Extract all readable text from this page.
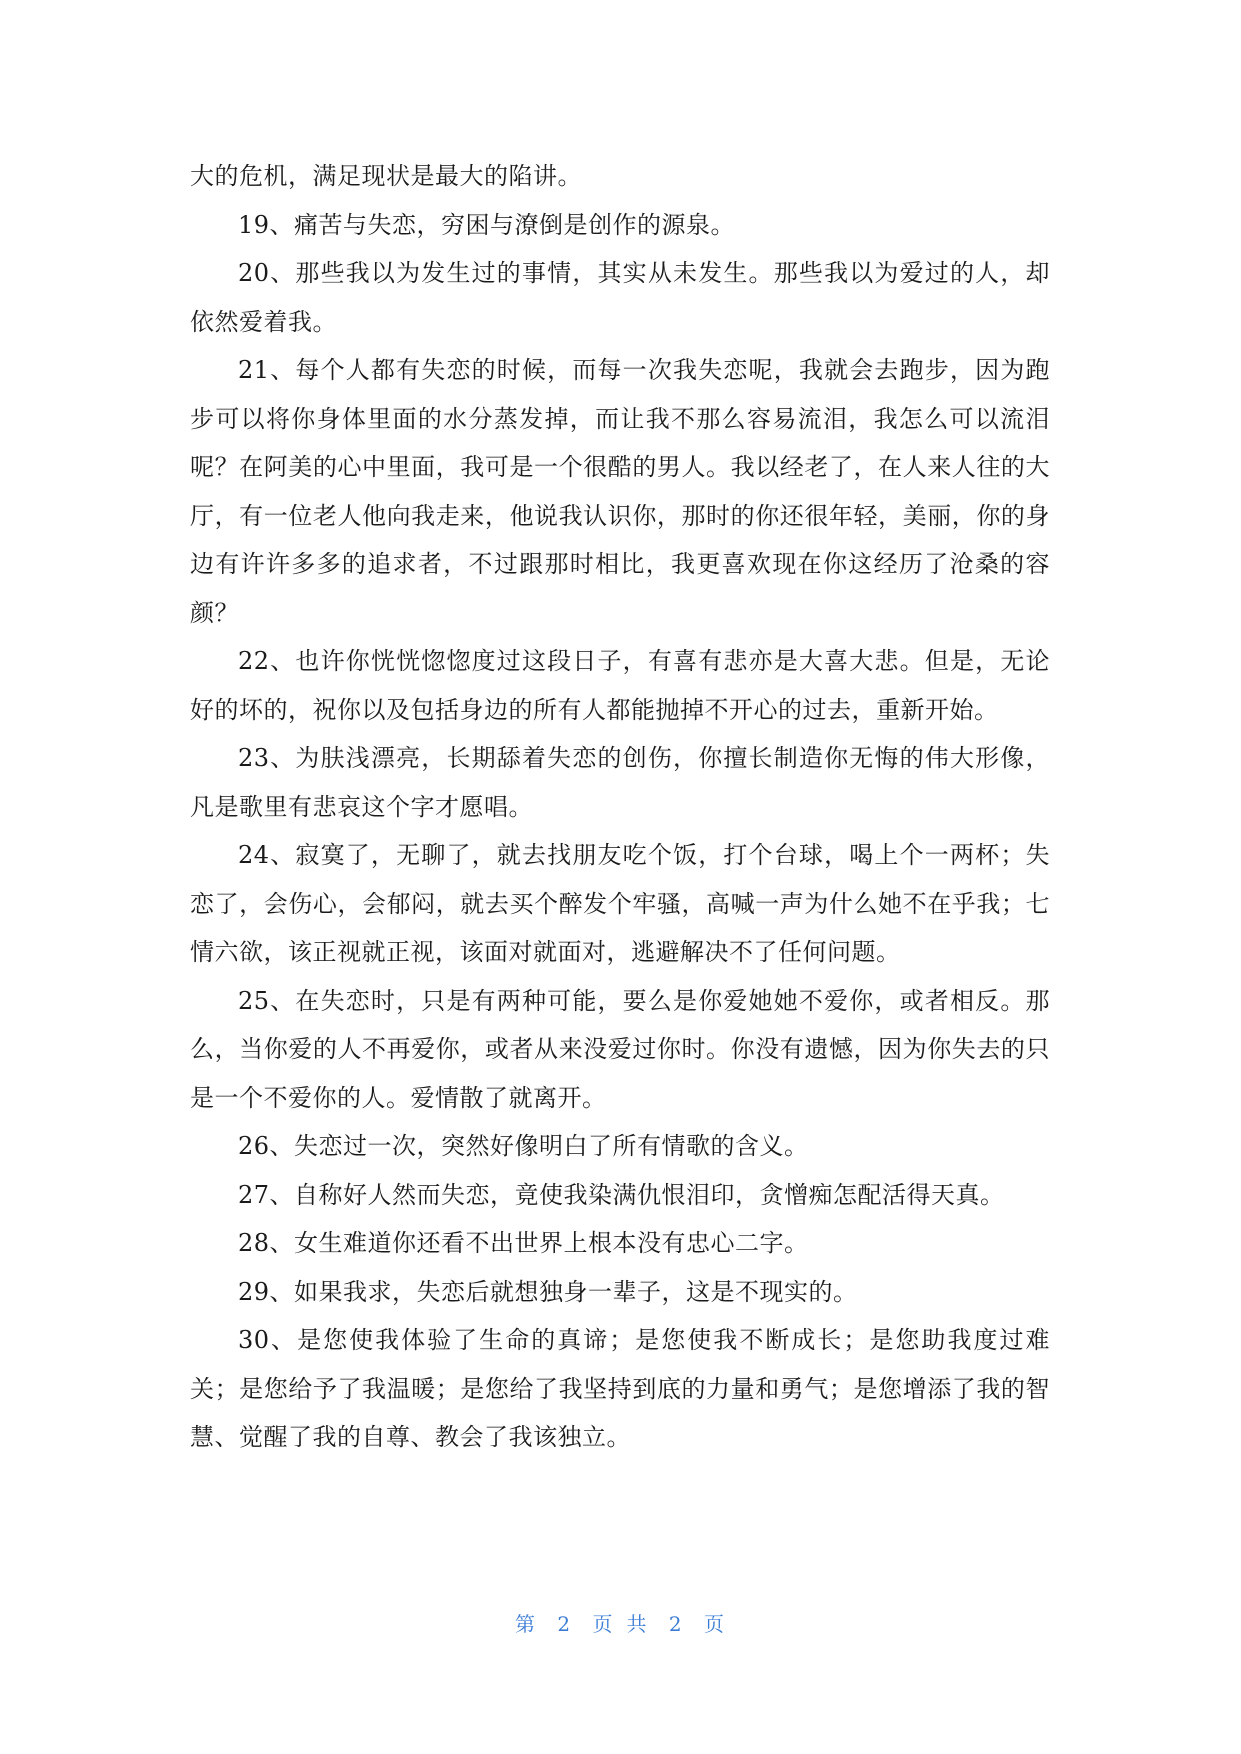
大的危机，满足现状是最大的陷讲。

19、痛苦与失恋，穷困与潦倒是创作的源泉。

20、那些我以为发生过的事情，其实从未发生。那些我以为爱过的人，却依然爱着我。

21、每个人都有失恋的时候，而每一次我失恋呢，我就会去跑步，因为跑步可以将你身体里面的水分蒸发掉，而让我不那么容易流泪，我怎么可以流泪呢？在阿美的心中里面，我可是一个很酷的男人。我以经老了，在人来人往的大厅，有一位老人他向我走来，他说我认识你，那时的你还很年轻，美丽，你的身边有许许多多的追求者，不过跟那时相比，我更喜欢现在你这经历了沧桑的容颜？

22、也许你恍恍惚惚度过这段日子，有喜有悲亦是大喜大悲。但是，无论好的坏的，祝你以及包括身边的所有人都能抛掉不开心的过去，重新开始。

23、为肤浅漂亮，长期舔着失恋的创伤，你擅长制造你无悔的伟大形像，凡是歌里有悲哀这个字才愿唱。

24、寂寞了，无聊了，就去找朋友吃个饭，打个台球，喝上个一两杯；失恋了，会伤心，会郁闷，就去买个醉发个牢骚，高喊一声为什么她不在乎我；七情六欲，该正视就正视，该面对就面对，逃避解决不了任何问题。

25、在失恋时，只是有两种可能，要么是你爱她她不爱你，或者相反。那么，当你爱的人不再爱你，或者从来没爱过你时。你没有遗憾，因为你失去的只是一个不爱你的人。爱情散了就离开。

26、失恋过一次，突然好像明白了所有情歌的含义。

27、自称好人然而失恋，竟使我染满仇恨泪印，贪憎痴怎配活得天真。

28、女生难道你还看不出世界上根本没有忠心二字。

29、如果我求，失恋后就想独身一辈子，这是不现实的。

30、是您使我体验了生命的真谛；是您使我不断成长；是您助我度过难关；是您给予了我温暖；是您给了我坚持到底的力量和勇气；是您增添了我的智慧、觉醒了我的自尊、教会了我该独立。

第 2 页 共 2 页
